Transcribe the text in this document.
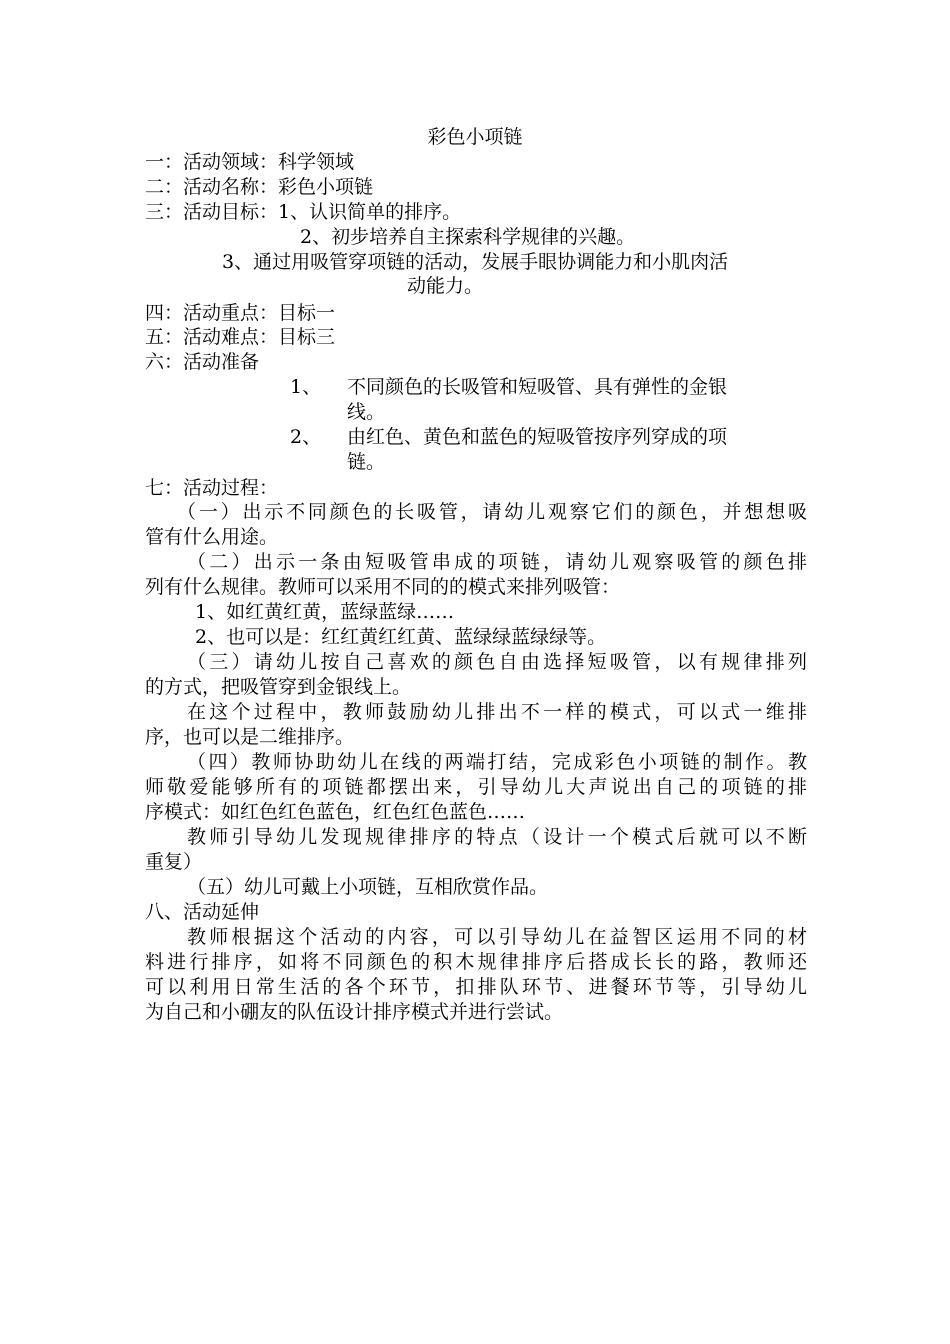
彩色小项链
一：活动领域：科学领域
二：活动名称：彩色小项链
三：活动目标：1、认识简单的排序。
2、初步培养自主探索科学规律的兴趣。
3、通过用吸管穿项链的活动，发展手眼协调能力和小肌肉活
动能力。
四：活动重点：目标一
五：活动难点：目标三
六：活动准备
1、 不同颜色的长吸管和短吸管、具有弹性的金银
线。
2、 由红色、黄色和蓝色的短吸管按序列穿成的项
链。
七：活动过程：
（一）出示不同颜色的长吸管，请幼儿观察它们的颜色，并想想吸
管有什么用途。
（二）出示一条由短吸管串成的项链，请幼儿观察吸管的颜色排
列有什么规律。教师可以采用不同的的模式来排列吸管：
1、如红黄红黄，蓝绿蓝绿……
2、也可以是：红红黄红红黄、蓝绿绿蓝绿绿等。
（三）请幼儿按自己喜欢的颜色自由选择短吸管，以有规律排列
的方式，把吸管穿到金银线上。
在这个过程中，教师鼓励幼儿排出不一样的模式，可以式一维排
序，也可以是二维排序。
（四）教师协助幼儿在线的两端打结，完成彩色小项链的制作。教
师敬爱能够所有的项链都摆出来，引导幼儿大声说出自己的项链的排
序模式：如红色红色蓝色，红色红色蓝色……
教师引导幼儿发现规律排序的特点（设计一个模式后就可以不断
重复）
（五）幼儿可戴上小项链，互相欣赏作品。
八、活动延伸
教师根据这个活动的内容，可以引导幼儿在益智区运用不同的材
料进行排序，如将不同颜色的积木规律排序后搭成长长的路，教师还
可以利用日常生活的各个环节，扣排队环节、进餐环节等，引导幼儿
为自己和小硼友的队伍设计排序模式并进行尝试。
